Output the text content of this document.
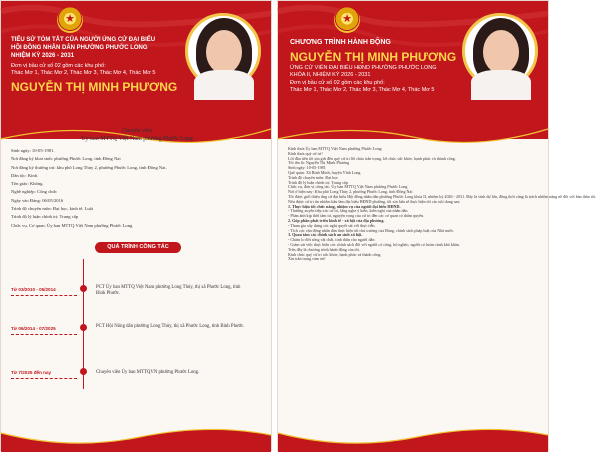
★
TIỂU SỬ TÓM TẮT CỦA NGƯỜI ỨNG CỬ ĐẠI BIỂU
HỘI ĐỒNG NHÂN DÂN PHƯỜNG PHƯỚC LONG
NHIỆM KỲ 2026 - 2031
Đơn vị bầu cử số 02 gồm các khu phố:
Thác Mơ 1, Thác Mơ 2, Thác Mơ 3, Thác Mơ 4, Thác Mơ 5
NGUYỄN THỊ MINH PHƯƠNG
Chuyên viên
Ủy ban MTTQ Việt Nam phường Phước Long
Sinh ngày: 10-05-1981.
Nơi đăng ký khai sinh: phường Phước Long, tỉnh Đồng Nai
Nơi đăng ký thường trú: khu phố Long Thủy 2, phường Phước Long, tỉnh Đồng Nai.
Dân tộc: Kinh.
Tôn giáo: Không.
Nghề nghiệp: Công chức
Ngày vào Đảng: 06/05/2016
Trình độ chuyên môn: Đại học, kinh tế, Luật
Trình độ lý luận chính trị: Trung cấp
Chức vụ, Cơ quan: Ủy ban MTTQ Việt Nam phường Phước Long
QUÁ TRÌNH CÔNG TÁC
Từ 03/2010 - 05/2014	PCT Ủy ban MTTQ Việt Nam phường Long Thủy, thị xã Phước Long, tỉnh Bình Phước.
Từ 06/2014 - 07/2025	PCT Hội Nông dân phường Long Thủy, thị xã Phước Long, tỉnh Bình Phước.
Từ 7/2025 đến nay	Chuyên viên Ủy ban MTTQVN phường Phước Long.
★
CHƯƠNG TRÌNH HÀNH ĐỘNG
NGUYỄN THỊ MINH PHƯƠNG
ỨNG CỬ VIÊN ĐẠI BIỂU HĐND PHƯỜNG PHƯỚC LONG
KHÓA II, NHIỆM KỲ 2026 - 2031
Đơn vị bầu cử số 02 gồm các khu phố:
Thác Mơ 1, Thác Mơ 2, Thác Mơ 3, Thác Mơ 4, Thác Mơ 5
Kính thưa Ủy ban MTTQ Việt Nam phường Phước Long
Kính thưa quý cử tri!
Lời đầu tiên tôi xin gửi đến quý cử tri lời chào trân trọng, lời chúc sức khỏe, hạnh phúc và thành công.
Tôi tên là: Nguyễn Thị Minh Phương
Sinh ngày: 10-05-1981
Quê quán: Xã Bình Minh, huyện Vĩnh Long
Trình độ chuyên môn: Đại học
Trình độ lý luận chính trị: Trung cấp
Chức vụ, đơn vị công tác: Ủy ban MTTQ Việt Nam phường Phước Long
Nơi ở hiện nay: Khu phố Long Thủy 2, phường Phước Long, tỉnh Đồng Nai
Tôi được giới thiệu ứng cử đại biểu Hội đồng nhân dân phường Phước Long khóa II, nhiệm kỳ 2026 - 2031. Đây là vinh dự lớn, đồng thời cũng là trách nhiệm nặng nề đối với bản thân tôi.
Nếu được cử tri tín nhiệm bầu làm đại biểu HĐND phường, tôi xin hứa sẽ thực hiện tốt các nội dung sau:
1. Thực hiện tốt chức năng, nhiệm vụ của người đại biểu HĐND.
- Thường xuyên tiếp xúc cử tri, lắng nghe ý kiến, kiến nghị của nhân dân.
- Phản ánh kịp thời tâm tư, nguyện vọng của cử tri đến các cơ quan có thẩm quyền.
2. Góp phần phát triển kinh tế - xã hội của địa phương.
- Tham gia xây dựng các nghị quyết sát với thực tiễn.
- Tích cực vận động nhân dân thực hiện tốt chủ trương của Đảng, chính sách pháp luật của Nhà nước.
3. Quan tâm các chính sách an sinh xã hội.
- Chăm lo đời sống vật chất, tinh thần cho người dân.
- Giám sát việc thực hiện các chính sách đối với người có công, hộ nghèo, người có hoàn cảnh khó khăn.
Trên đây là chương trình hành động của tôi.
Kính chúc quý cử tri sức khỏe, hạnh phúc và thành công.
Xin trân trọng cảm ơn!
